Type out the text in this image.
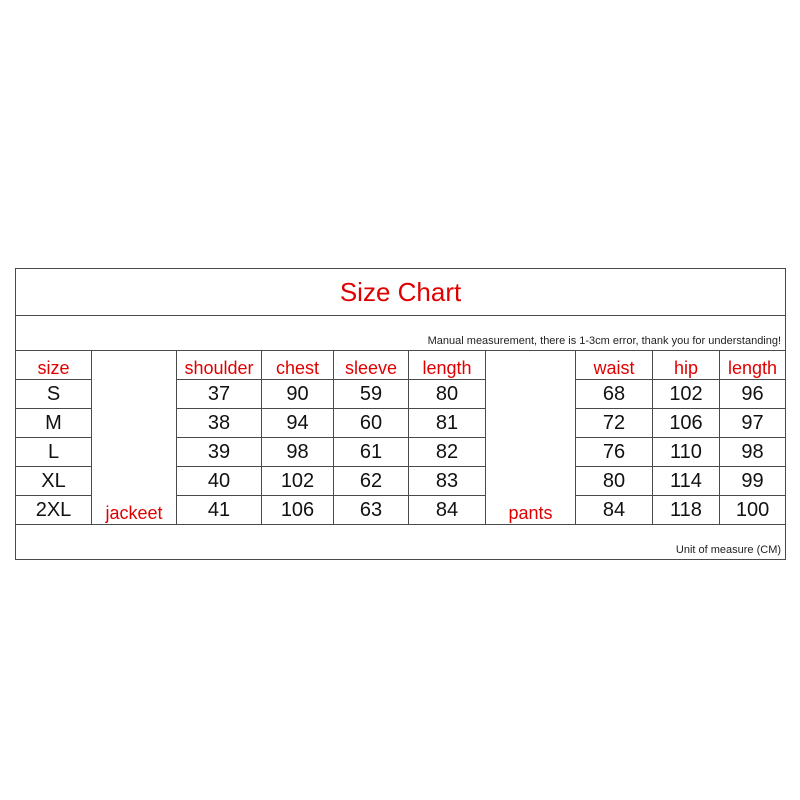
Size Chart									
Manual measurement, there is 1-3cm error, thank you for understanding!									
size	jackeet	shoulder	chest	sleeve	length	pants	waist	hip	length
S		37	90	59	80		68	102	96
M		38	94	60	81		72	106	97
L		39	98	61	82		76	110	98
XL		40	102	62	83		80	114	99
2XL		41	106	63	84		84	118	100
Unit of measure (CM)									
